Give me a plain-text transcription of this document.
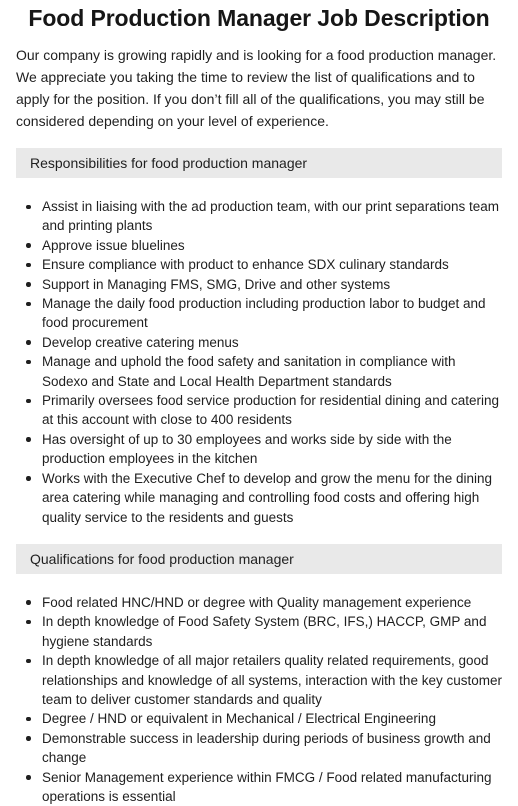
Food Production Manager Job Description

Our company is growing rapidly and is looking for a food production manager. We appreciate you taking the time to review the list of qualifications and to apply for the position. If you don’t fill all of the qualifications, you may still be considered depending on your level of experience.

Responsibilities for food production manager
Assist in liaising with the ad production team, with our print separations team and printing plants
Approve issue bluelines
Ensure compliance with product to enhance SDX culinary standards
Support in Managing FMS, SMG, Drive and other systems
Manage the daily food production including production labor to budget and food procurement
Develop creative catering menus
Manage and uphold the food safety and sanitation in compliance with Sodexo and State and Local Health Department standards
Primarily oversees food service production for residential dining and catering at this account with close to 400 residents
Has oversight of up to 30 employees and works side by side with the production employees in the kitchen
Works with the Executive Chef to develop and grow the menu for the dining area catering while managing and controlling food costs and offering high quality service to the residents and guests
Qualifications for food production manager
Food related HNC/HND or degree with Quality management experience
In depth knowledge of Food Safety System (BRC, IFS,) HACCP, GMP and hygiene standards
In depth knowledge of all major retailers quality related requirements, good relationships and knowledge of all systems, interaction with the key customer team to deliver customer standards and quality
Degree / HND or equivalent in Mechanical / Electrical Engineering
Demonstrable success in leadership during periods of business growth and change
Senior Management experience within FMCG / Food related manufacturing operations is essential
